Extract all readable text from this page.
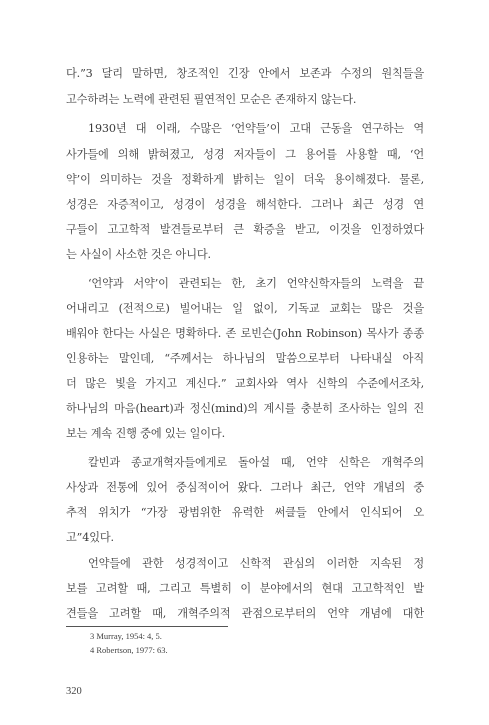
다.”3 달리 말하면, 창조적인 긴장 안에서 보존과 수정의 원칙들을
고수하려는 노력에 관련된 필연적인 모순은 존재하지 않는다.
1930년 대 이래, 수많은 ‘언약들’이 고대 근동을 연구하는 역
사가들에 의해 밝혀졌고, 성경 저자들이 그 용어를 사용할 때, ‘언
약’이 의미하는 것을 정확하게 밝히는 일이 더욱 용이해졌다. 물론,
성경은 자증적이고, 성경이 성경을 해석한다. 그러나 최근 성경 연
구들이 고고학적 발견들로부터 큰 확증을 받고, 이것을 인정하였다
는 사실이 사소한 것은 아니다.
‘언약과 서약’이 관련되는 한, 초기 언약신학자들의 노력을 끝
어내리고 (전적으로) 빌어내는 일 없이, 기독교 교회는 많은 것을
배워야 한다는 사실은 명확하다. 존 로빈슨(John Robinson) 목사가 종종
인용하는 말인데, “주께서는 하나님의 말씀으로부터 나타내실 아직
더 많은 빛을 가지고 계신다.” 교회사와 역사 신학의 수준에서조차,
하나님의 마음(heart)과 정신(mind)의 계시를 충분히 조사하는 일의 진
보는 계속 진행 중에 있는 일이다.
칼빈과 종교개혁자들에게로 돌아설 때, 언약 신학은 개혁주의
사상과 전통에 있어 중심적이어 왔다. 그러나 최근, 언약 개념의 중
추적 위치가 “가장 광범위한 유력한 써클들 안에서 인식되어 오
고”4있다.
언약들에 관한 성경적이고 신학적 관심의 이러한 지속된 정
보를 고려할 때, 그리고 특별히 이 분야에서의 현대 고고학적인 발
견들을 고려할 때, 개혁주의적 관점으로부터의 언약 개념에 대한
3 Murray, 1954: 4, 5.
4 Robertson, 1977: 63.
320
